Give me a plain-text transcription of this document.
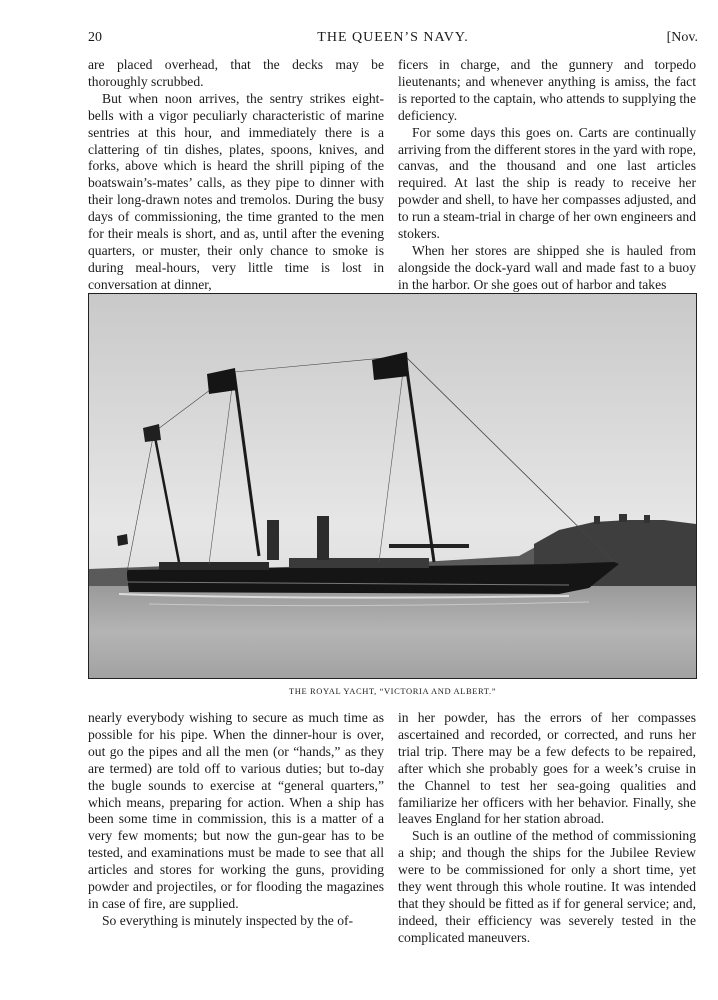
20	THE QUEEN’S NAVY.	[Nov.

are placed overhead, that the decks may be thoroughly scrubbed.

But when noon arrives, the sentry strikes eight-bells with a vigor peculiarly characteristic of marine sentries at this hour, and immediately there is a clattering of tin dishes, plates, spoons, knives, and forks, above which is heard the shrill piping of the boatswain’s-mates’ calls, as they pipe to dinner with their long-drawn notes and tremolos. During the busy days of commissioning, the time granted to the men for their meals is short, and as, until after the evening quarters, or muster, their only chance to smoke is during meal-hours, very little time is lost in conversation at dinner,

ficers in charge, and the gunnery and torpedo lieutenants; and whenever anything is amiss, the fact is reported to the captain, who attends to supplying the deficiency.

For some days this goes on. Carts are continually arriving from the different stores in the yard with rope, canvas, and the thousand and one last articles required. At last the ship is ready to receive her powder and shell, to have her compasses adjusted, and to run a steam-trial in charge of her own engineers and stokers.

When her stores are shipped she is hauled from alongside the dock-yard wall and made fast to a buoy in the harbor. Or she goes out of harbor and takes

THE ROYAL YACHT, “VICTORIA AND ALBERT.”

nearly everybody wishing to secure as much time as possible for his pipe. When the dinner-hour is over, out go the pipes and all the men (or “hands,” as they are termed) are told off to various duties; but to-day the bugle sounds to exercise at “general quarters,” which means, preparing for action. When a ship has been some time in commission, this is a matter of a very few moments; but now the gun-gear has to be tested, and examinations must be made to see that all articles and stores for working the guns, providing powder and projectiles, or for flooding the magazines in case of fire, are supplied.

So everything is minutely inspected by the of-

in her powder, has the errors of her compasses ascertained and recorded, or corrected, and runs her trial trip. There may be a few defects to be repaired, after which she probably goes for a week’s cruise in the Channel to test her sea-going qualities and familiarize her officers with her behavior. Finally, she leaves England for her station abroad.

Such is an outline of the method of commissioning a ship; and though the ships for the Jubilee Review were to be commissioned for only a short time, yet they went through this whole routine. It was intended that they should be fitted as if for general service; and, indeed, their efficiency was severely tested in the complicated maneuvers.
